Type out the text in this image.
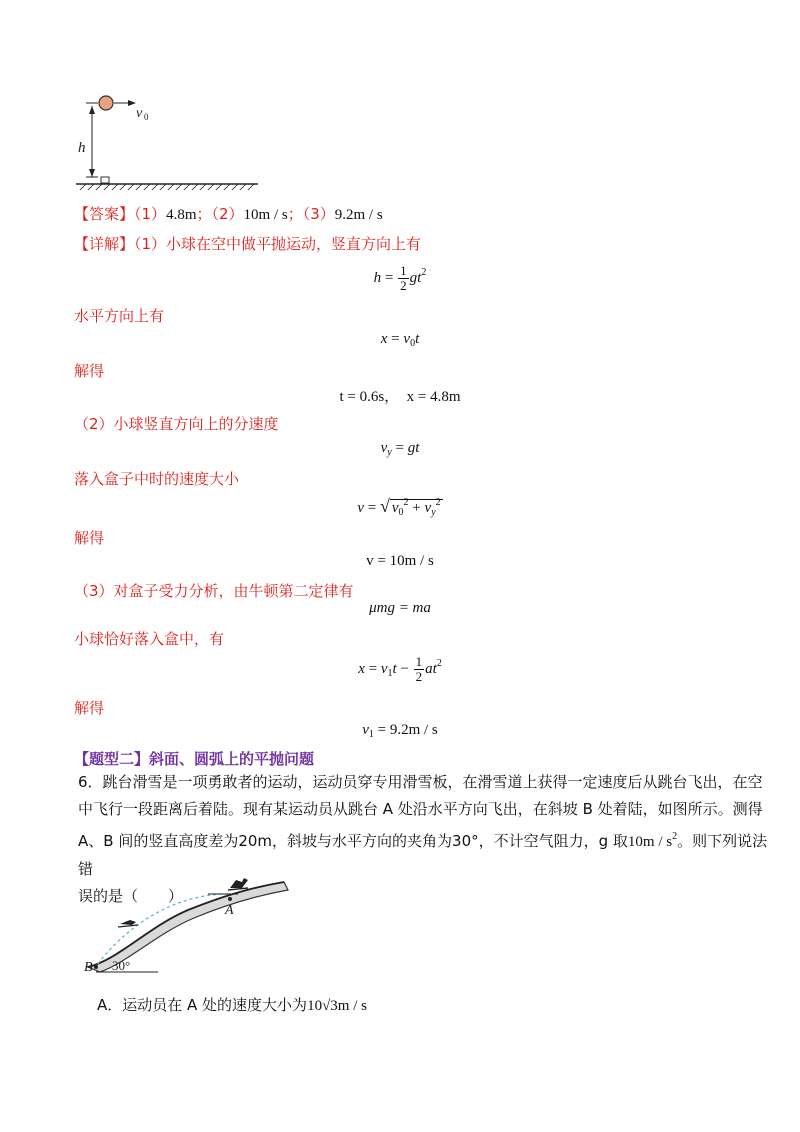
v 0
h
【答案】（1）4.8m；（2）10m / s；（3）9.2m / s
【详解】（1）小球在空中做平抛运动，竖直方向上有
$h = \frac{1}{2} gt^2$
水平方向上有
$x = v_0t$
解得
t = 0.6s， x = 4.8m
（2）小球竖直方向上的分速度
$v_y$ = gt
落入盒子中时的速度大小
v = √ $v_0^2 + v_y^2$
解得
v = 10m / s
（3）对盒子受力分析，由牛顿第二定律有
μmg = ma
小球恰好落入盒中，有
$x = v_1t - \frac{1}{2} at^2$
解得
$v_1 = 9.2m / s$
【题型二】斜面、圆弧上的平抛问题
6．跳台滑雪是一项勇敢者的运动，运动员穿专用滑雪板，在滑雪道上获得一定速度后从跳台飞出，在空
中飞行一段距离后着陆。现有某运动员从跳台 A 处沿水平方向飞出，在斜坡 B 处着陆，如图所示。测得
A、B 间的竖直高度差为20m，斜坡与水平方向的夹角为30°，不计空气阻力，g 取$10m / s^2$。则下列说法错
误的是（　　）
A
B 30°
A．运动员在 A 处的速度大小为10√3m / s
